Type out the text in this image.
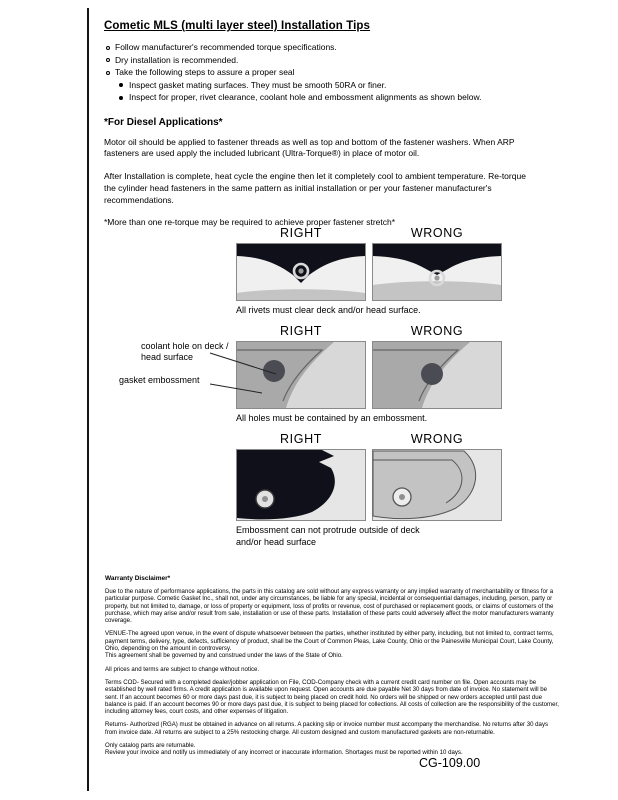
Cometic MLS (multi layer steel) Installation Tips
Follow manufacturer's recommended torque specifications.
Dry installation is recommended.
Take the following steps to assure a proper seal
Inspect gasket mating surfaces. They must be smooth 50RA or finer.
Inspect for proper, rivet clearance, coolant hole and embossment alignments as shown below.
*For Diesel Applications*

Motor oil should be applied to fastener threads as well as top and bottom of the fastener washers. When ARP fasteners are used apply the included lubricant (Ultra-Torque®) in place of motor oil.

After Installation is complete, heat cycle the engine then let it completely cool to ambient temperature. Re-torque the cylinder head fasteners in the same pattern as initial installation or per your fastener manufacturer's recommendations.

*More than one re-torque may be required to achieve proper fastener stretch*

RIGHT	WRONG
All rivets must clear deck and/or head surface.
RIGHT	WRONG
All holes must be contained by an embossment.
RIGHT	WRONG
Embossment can not protrude outside of deck and/or head surface
coolant hole on deck / head surface
gasket embossment
Warranty Disclaimer*

Due to the nature of performance applications, the parts in this catalog are sold without any express warranty or any implied warranty of merchantability or fitness for a particular purpose. Cometic Gasket Inc., shall not, under any circumstances, be liable for any special, incidental or consequential damages, including, person, party or property, but not limited to, damage, or loss of property or equipment, loss of profits or revenue, cost of purchased or replacement goods, or claims of customers of the purchase, which may arise and/or result from sale, installation or use of these parts. Installation of these parts could adversely affect the motor manufacturers warranty coverage.

VENUE-The agreed upon venue, in the event of dispute whatsoever between the parties, whether instituted by either party, including, but not limited to, contract terms, payment terms, delivery, type, defects, sufficiency of product, shall be the Court of Common Pleas, Lake County, Ohio or the Painesville Municipal Court, Lake County, Ohio, depending on the amount in controversy.

This agreement shall be governed by and construed under the laws of the State of Ohio.

All prices and terms are subject to change without notice.

Terms COD- Secured with a completed dealer/jobber application on File, COD-Company check with a current credit card number on file. Open accounts may be established by well rated firms. A credit application is available upon request. Open accounts are due payable Net 30 days from date of invoice. No statement will be sent. If an account becomes 60 or more days past due, it is subject to being placed on credit hold. No orders will be shipped or new orders accepted until past due balance is paid. If an account becomes 90 or more days past due, it is subject to being placed for collections. All costs of collection are the responsibility of the customer, including attorney fees, court costs, and other expenses of litigation.

Returns- Authorized (RGA) must be obtained in advance on all returns. A packing slip or invoice number must accompany the merchandise. No returns after 30 days from invoice date. All returns are subject to a 25% restocking charge. All custom designed and custom manufactured gaskets are non-returnable.

Only catalog parts are returnable.

Review your invoice and notify us immediately of any incorrect or inaccurate information. Shortages must be reported within 10 days.

CG-109.00
